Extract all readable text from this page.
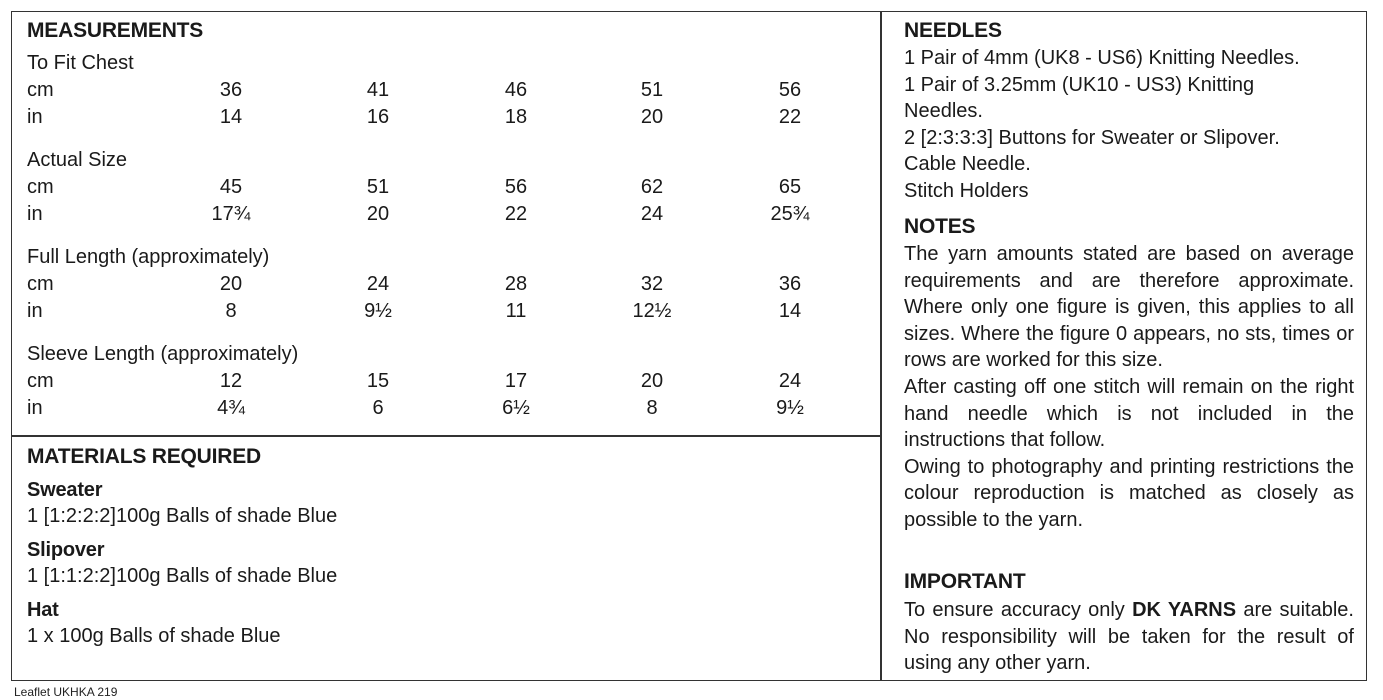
MEASUREMENTS
To Fit Chest
cm	36	41	46	51	56
in	14	16	18	20	22
Actual Size
cm	45	51	56	62	65
in	17¾	20	22	24	25¾
Full Length (approximately)
cm	20	24	28	32	36
in	8	9½	11	12½	14
Sleeve Length (approximately)
cm	12	15	17	20	24
in	4¾	6	6½	8	9½
MATERIALS REQUIRED
Sweater
1 [1:2:2:2]100g Balls of shade Blue
Slipover
1 [1:1:2:2]100g Balls of shade Blue
Hat
1 x 100g Balls of shade Blue
NEEDLES
1 Pair of 4mm (UK8 - US6) Knitting Needles.
1 Pair of 3.25mm (UK10 - US3) Knitting
Needles.
2 [2:3:3:3] Buttons for Sweater or Slipover.
Cable Needle.
Stitch Holders
NOTES
The yarn amounts stated are based on average requirements and are therefore approximate. Where only one figure is given, this applies to all sizes. Where the figure 0 appears, no sts, times or rows are worked for this size.
After casting off one stitch will remain on the right hand needle which is not included in the instructions that follow.
Owing to photography and printing restrictions the colour reproduction is matched as closely as possible to the yarn.
IMPORTANT
To ensure accuracy only DK YARNS are suitable. No responsibility will be taken for the result of using any other yarn.
Leaflet UKHKA 219
